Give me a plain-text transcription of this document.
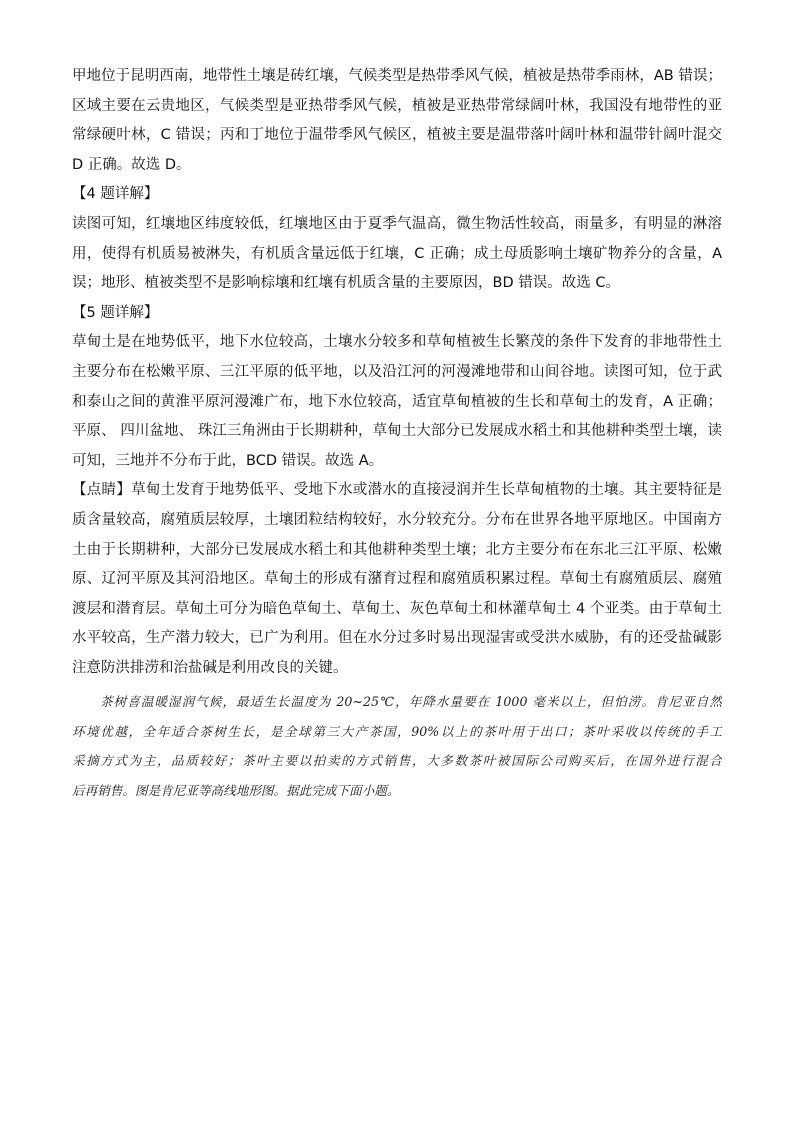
甲地位于昆明西南，地带性土壤是砖红壤，气候类型是热带季风气候，植被是热带季雨林，AB 错误；
区域主要在云贵地区，气候类型是亚热带季风气候，植被是亚热带常绿阔叶林，我国没有地带性的亚
常绿硬叶林，C 错误；丙和丁地位于温带季风气候区，植被主要是温带落叶阔叶林和温带针阔叶混交
D 正确。故选 D。
【4 题详解】
读图可知，红壤地区纬度较低，红壤地区由于夏季气温高，微生物活性较高，雨量多，有明显的淋溶
用，使得有机质易被淋失，有机质含量远低于红壤，C 正确；成土母质影响土壤矿物养分的含量，A
误；地形、植被类型不是影响棕壤和红壤有机质含量的主要原因，BD 错误。故选 C。
【5 题详解】
草甸土是在地势低平，地下水位较高，土壤水分较多和草甸植被生长繁茂的条件下发育的非地带性土
主要分布在松嫩平原、三江平原的低平地，以及沿江河的河漫滩地带和山间谷地。读图可知，位于武
和泰山之间的黄淮平原河漫滩广布，地下水位较高，适宜草甸植被的生长和草甸土的发育，A 正确；
平原、 四川盆地、 珠江三角洲由于长期耕种，草甸土大部分已发展成水稻土和其他耕种类型土壤，读
可知，三地并不分布于此，BCD 错误。故选 A。
【点睛】草甸土发育于地势低平、受地下水或潜水的直接浸润并生长草甸植物的土壤。其主要特征是
质含量较高，腐殖质层较厚，土壤团粒结构较好，水分较充分。分布在世界各地平原地区。中国南方
土由于长期耕种，大部分已发展成水稻土和其他耕种类型土壤；北方主要分布在东北三江平原、松嫩
原、辽河平原及其河沿地区。草甸土的形成有潴育过程和腐殖质积累过程。草甸土有腐殖质层、腐殖
渡层和潜育层。草甸土可分为暗色草甸土、草甸土、灰色草甸土和林灌草甸土 4 个亚类。由于草甸土
水平较高，生产潜力较大，已广为利用。但在水分过多时易出现湿害或受洪水威胁，有的还受盐碱影
注意防洪排涝和治盐碱是利用改良的关键。
茶树喜温暖湿润气候，最适生长温度为 20~25℃，年降水量要在 1000 毫米以上，但怕涝。肯尼亚自然
环境优越，全年适合茶树生长，是全球第三大产茶国，90%以上的茶叶用于出口；茶叶采收以传统的手工
采摘方式为主，品质较好；茶叶主要以拍卖的方式销售，大多数茶叶被国际公司购买后，在国外进行混合
后再销售。图是肯尼亚等高线地形图。据此完成下面小题。
